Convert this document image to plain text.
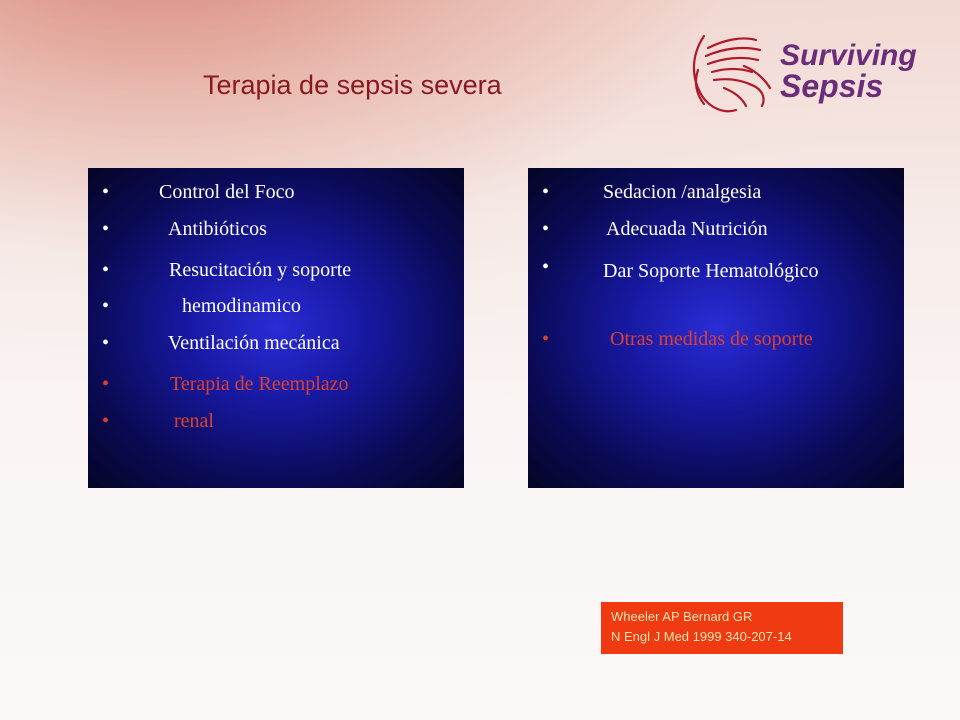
Terapia de sepsis severa
Surviving
Sepsis
• Control del Foco
•	Antibióticos
•	Resucitación y soporte
•	hemodinamico
•	Ventilación mecánica
•	Terapia de Reemplazo
•	renal
•	Sedacion /analgesia
•	Adecuada Nutrición
•	Dar Soporte Hematológico
•	Otras medidas de soporte
Wheeler AP Bernard GR
N Engl J Med 1999 340-207-14
